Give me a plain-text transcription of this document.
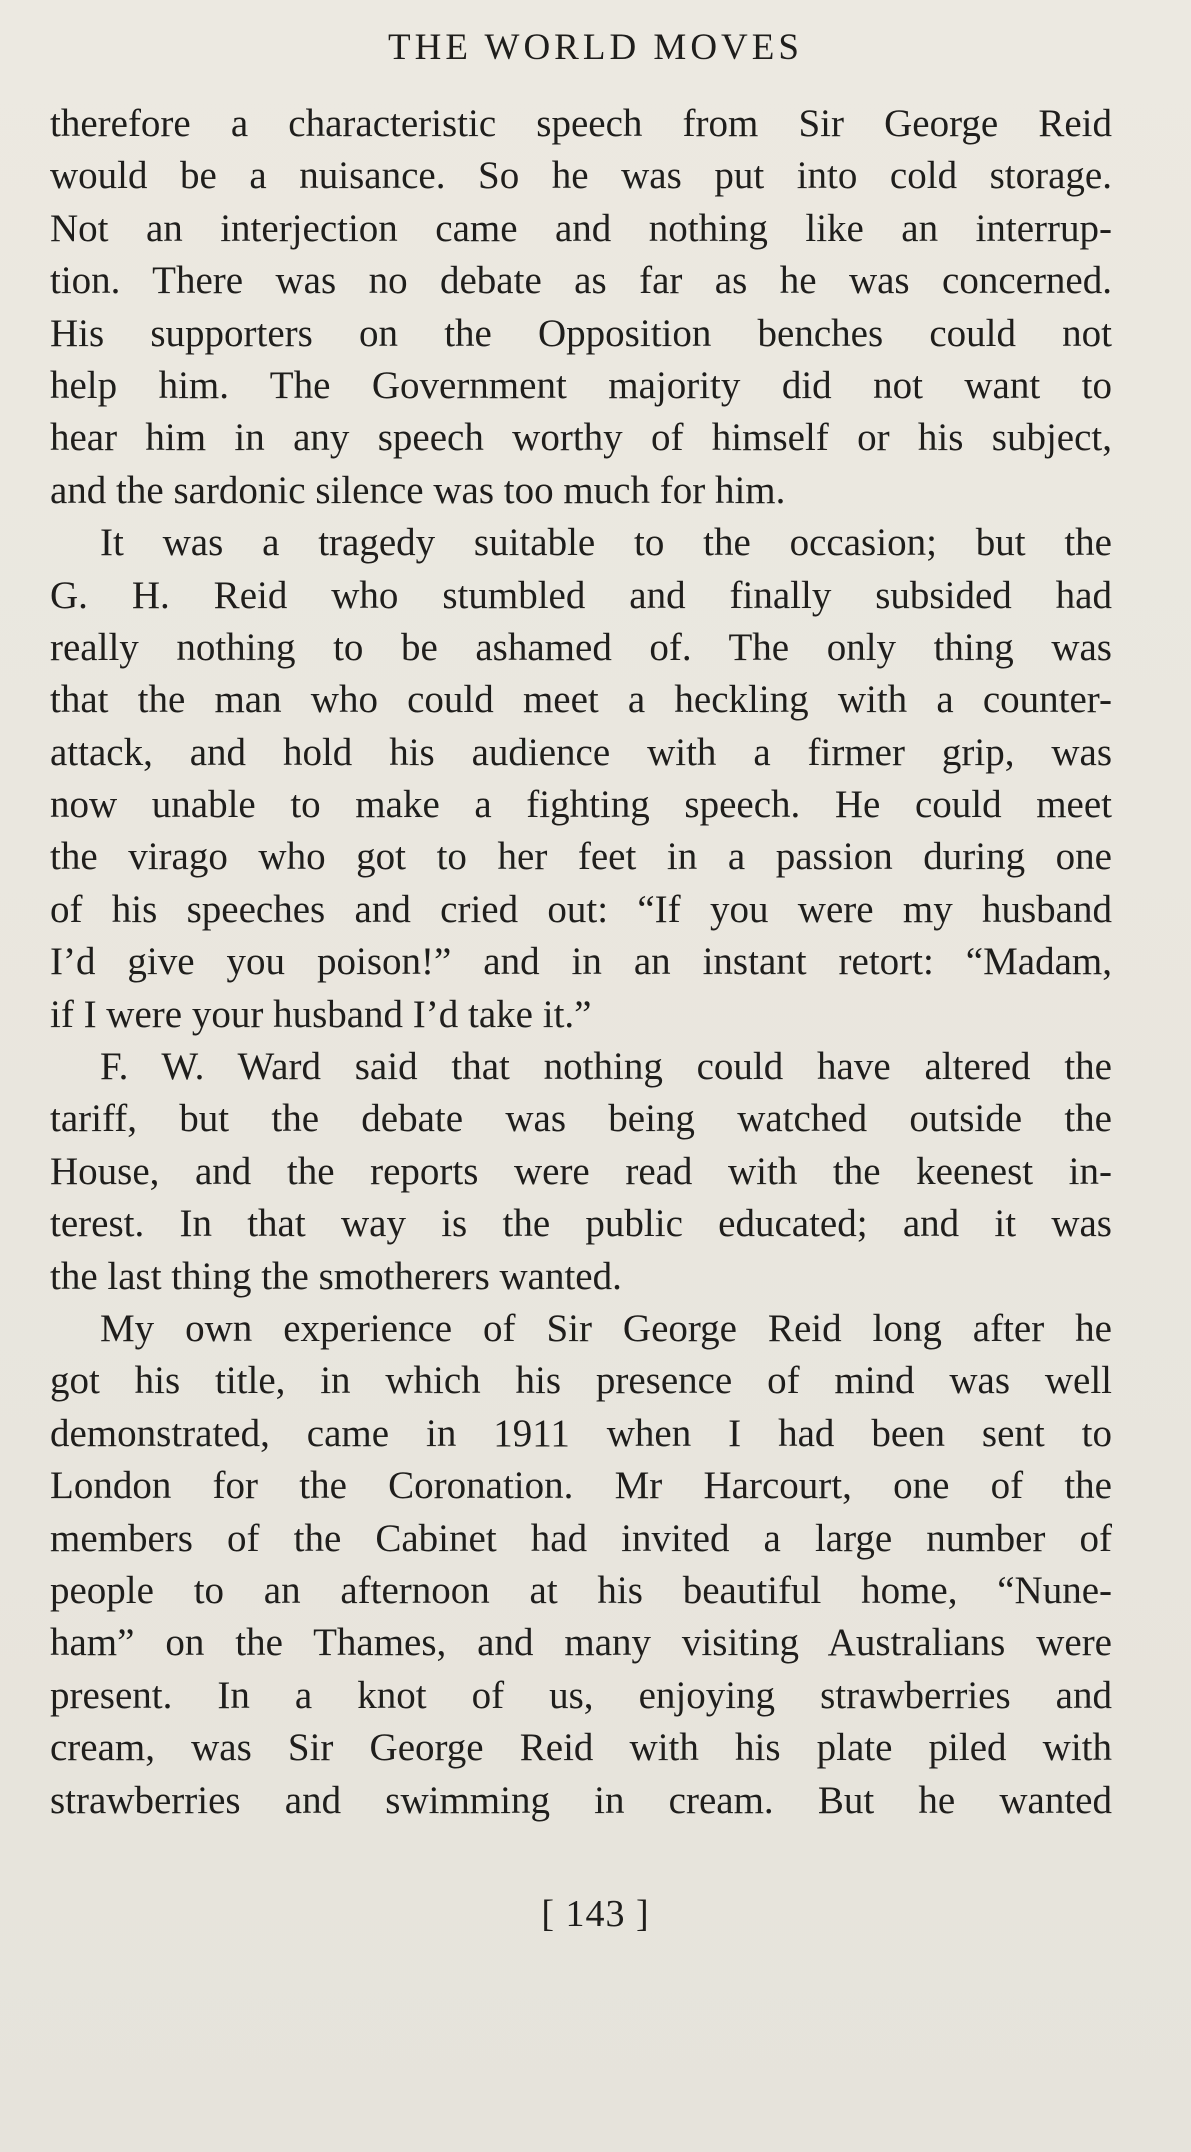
THE WORLD MOVES
therefore a characteristic speech from Sir George Reid
would be a nuisance. So he was put into cold storage.
Not an interjection came and nothing like an interrup-
tion. There was no debate as far as he was concerned.
His supporters on the Opposition benches could not
help him. The Government majority did not want to
hear him in any speech worthy of himself or his subject,
and the sardonic silence was too much for him.
It was a tragedy suitable to the occasion; but the
G. H. Reid who stumbled and finally subsided had
really nothing to be ashamed of. The only thing was
that the man who could meet a heckling with a counter-
attack, and hold his audience with a firmer grip, was
now unable to make a fighting speech. He could meet
the virago who got to her feet in a passion during one
of his speeches and cried out: “If you were my husband
I’d give you poison!” and in an instant retort: “Madam,
if I were your husband I’d take it.”
F. W. Ward said that nothing could have altered the
tariff, but the debate was being watched outside the
House, and the reports were read with the keenest in-
terest. In that way is the public educated; and it was
the last thing the smotherers wanted.
My own experience of Sir George Reid long after he
got his title, in which his presence of mind was well
demonstrated, came in 1911 when I had been sent to
London for the Coronation. Mr Harcourt, one of the
members of the Cabinet had invited a large number of
people to an afternoon at his beautiful home, “Nune-
ham” on the Thames, and many visiting Australians were
present. In a knot of us, enjoying strawberries and
cream, was Sir George Reid with his plate piled with
strawberries and swimming in cream. But he wanted
[ 143 ]
